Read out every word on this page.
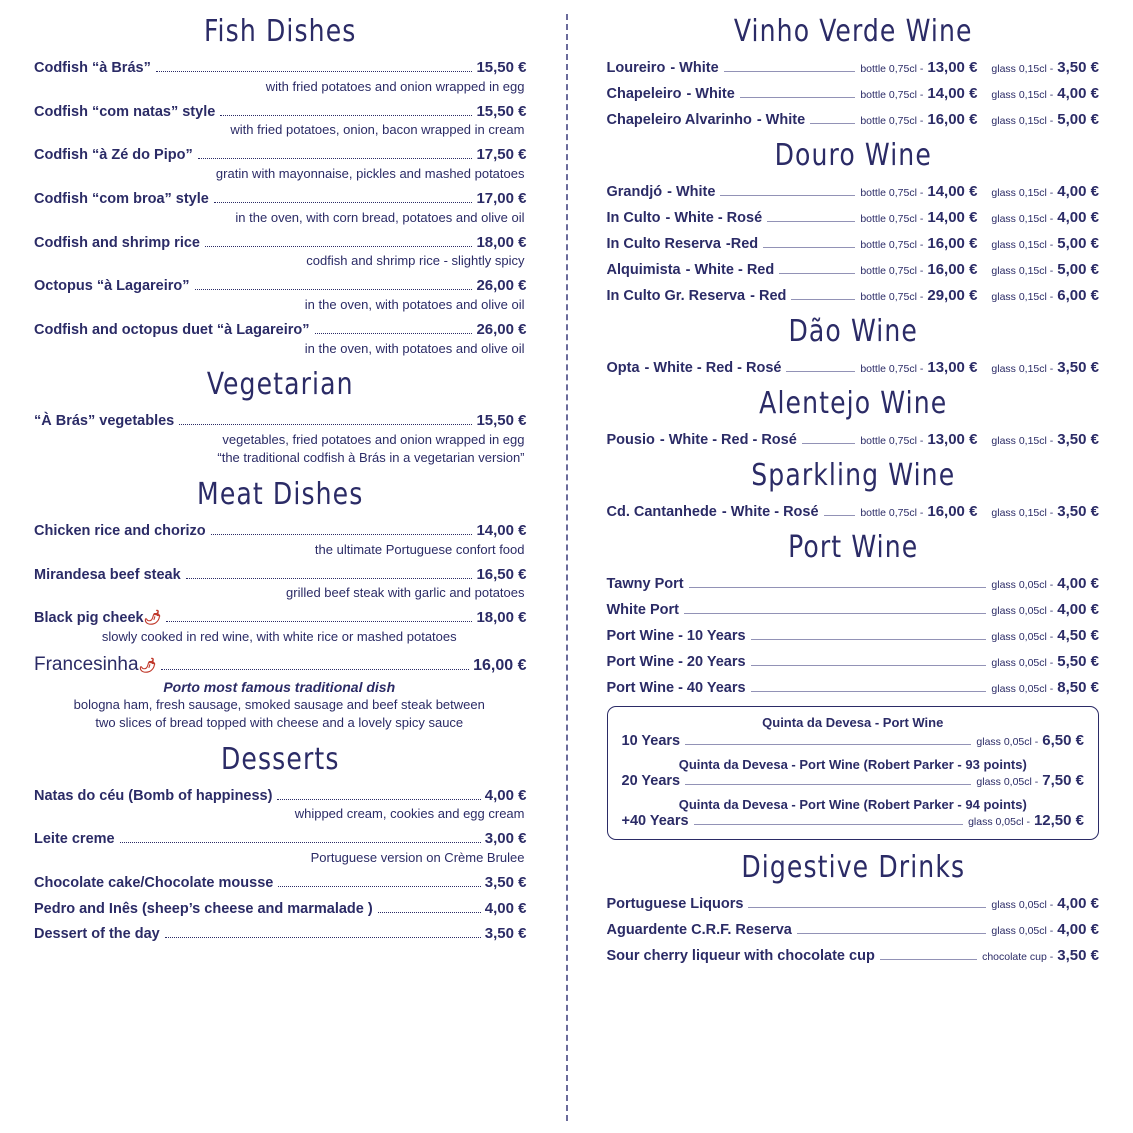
Fish Dishes
Codfish “à Brás”	15,50 €
with fried potatoes and onion wrapped in egg
Codfish “com natas” style	15,50 €
with fried potatoes, onion, bacon wrapped in cream
Codfish “à Zé do Pipo”	17,50 €
gratin with mayonnaise, pickles and mashed potatoes
Codfish “com broa” style	17,00 €
in the oven, with corn bread, potatoes and olive oil
Codfish and shrimp rice	18,00 €
codfish and shrimp rice - slightly spicy
Octopus “à Lagareiro”	26,00 €
in the oven, with potatoes and olive oil
Codfish and octopus duet “à Lagareiro”	26,00 €
in the oven, with potatoes and olive oil
Vegetarian
“À Brás” vegetables	15,50 €
vegetables, fried potatoes and onion wrapped in egg
“the traditional codfish à Brás in a vegetarian version”
Meat Dishes
Chicken rice and chorizo	14,00 €
the ultimate Portuguese confort food
Mirandesa beef steak	16,50 €
grilled beef steak with garlic and potatoes
Black pig cheek 🌶	18,00 €
slowly cooked in red wine, with white rice or mashed potatoes
Francesinha 🌶	16,00 €
Porto most famous traditional dish
bologna ham, fresh sausage, smoked sausage and beef steak between
two slices of bread topped with cheese and a lovely spicy sauce
Desserts
Natas do céu (Bomb of happiness)	4,00 €
whipped cream, cookies and egg cream
Leite creme	3,00 €
Portuguese version on Crème Brulee
Chocolate cake/Chocolate mousse	3,50 €
Pedro and Inês (sheep’s cheese and marmalade )	4,00 €
Dessert of the day	3,50 €
Vinho Verde Wine
Loureiro - White	bottle 0,75cl - 13,00 € glass 0,15cl - 3,50 €
Chapeleiro - White	bottle 0,75cl - 14,00 € glass 0,15cl - 4,00 €
Chapeleiro Alvarinho - White	bottle 0,75cl - 16,00 € glass 0,15cl - 5,00 €
Douro Wine
Grandjó - White	bottle 0,75cl - 14,00 € glass 0,15cl - 4,00 €
In Culto - White - Rosé	bottle 0,75cl - 14,00 € glass 0,15cl - 4,00 €
In Culto Reserva -Red	bottle 0,75cl - 16,00 € glass 0,15cl - 5,00 €
Alquimista - White - Red	bottle 0,75cl - 16,00 € glass 0,15cl - 5,00 €
In Culto Gr. Reserva - Red	bottle 0,75cl - 29,00 € glass 0,15cl - 6,00 €
Dão Wine
Opta - White - Red - Rosé	bottle 0,75cl - 13,00 € glass 0,15cl - 3,50 €
Alentejo Wine
Pousio - White - Red - Rosé	bottle 0,75cl - 13,00 € glass 0,15cl - 3,50 €
Sparkling Wine
Cd. Cantanhede - White - Rosé	bottle 0,75cl - 16,00 € glass 0,15cl - 3,50 €
Port Wine
Tawny Port	glass 0,05cl - 4,00 €
White Port	glass 0,05cl - 4,00 €
Port Wine - 10 Years	glass 0,05cl - 4,50 €
Port Wine - 20 Years	glass 0,05cl - 5,50 €
Port Wine - 40 Years	glass 0,05cl - 8,50 €
Quinta da Devesa - Port Wine
10 Years	glass 0,05cl - 6,50 €
Quinta da Devesa - Port Wine (Robert Parker - 93 points)
20 Years	glass 0,05cl - 7,50 €
Quinta da Devesa - Port Wine (Robert Parker - 94 points)
+40 Years	glass 0,05cl - 12,50 €
Digestive Drinks
Portuguese Liquors	glass 0,05cl - 4,00 €
Aguardente C.R.F. Reserva	glass 0,05cl - 4,00 €
Sour cherry liqueur with chocolate cup	chocolate cup - 3,50 €
